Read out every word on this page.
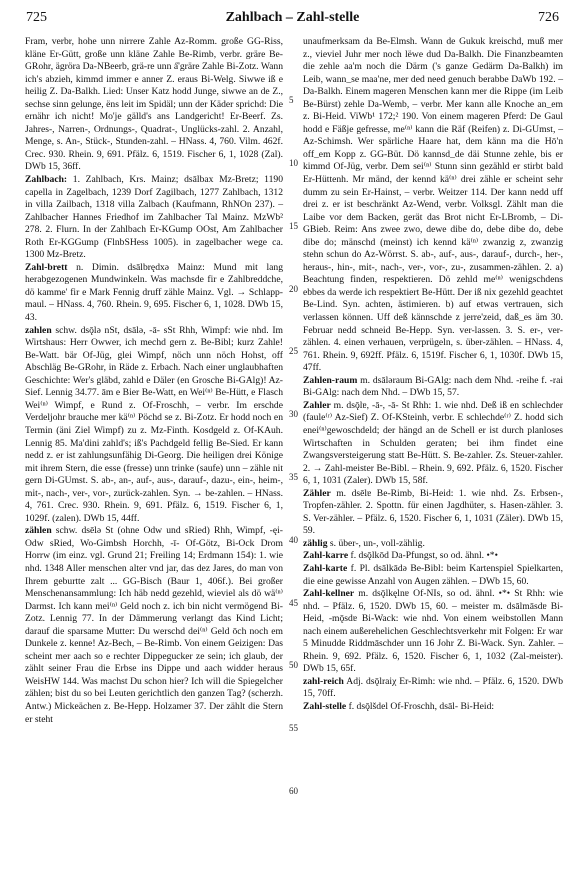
725	Zahlbach – Zahl-stelle	726

Fram, verbr, hohe unn nirrere Zahle Az-Romm. große GG-Riss, kläne Er-Gütt, große unn kläne Zahle Be-Rimb, verbr. gräre Be-GRohr, ägröra Da-NBeerb, grä-re unn a̋'gräre Zahle Bi-Zotz. Wann ich's abzieh, kimmd immer e anner Z. eraus Bi-Welg. Siwwe iß e heilig Z. Da-Balkh. Lied: Unser Katz hodd Junge, siwwe an de Z., sechse sinn gelunge, ëns leit im Spidäl; unn der Käder sprichd: Die ernähr ich nicht! Mo'je gälld's ans Landgericht! Er-Beerf. Zs. Jahres-, Narren-, Ordnungs-, Quadrat-, Unglücks-zahl. 2. Anzahl, Menge, s. An-, Stück-, Stunden-zahl. – HNass. 4, 760. Vilm. 462f. Crec. 930. Rhein. 9, 691. Pfälz. 6, 1519. Fischer 6, 1, 1028 (Zal). DWb 15, 36ff.

Zahlbach: 1. Zahlbach, Krs. Mainz; dsālbax Mz-Bretz; 1190 capella in Zagelbach, 1239 Dorf Zagilbach, 1277 Zahlbach, 1312 in villa Zailbach, 1318 villa Zalbach (Kaufmann, RhNOn 237). – Zahlbacher Hannes Friedhof im Zahlbacher Tal Mainz. MzWb² 278. 2. Flurn. In der Zahlbach Er-KGump OOst, Am Zahlbacher Roth Er-KGGump (FlnbSHess 1005). in zagelbacher wege ca. 1300 Mz-Bretz.

Zahl-brett n. Dimin. dsālbrędxə Mainz: Mund mit lang herabgezogenen Mundwinkeln. Was machsde fir e Zahlbreddche, dö kamme' fir e Mark Fennig druff zähle Mainz. Vgl. → Schlapp-maul. – HNass. 4, 760. Rhein. 9, 695. Fischer 6, 1, 1028. DWb 15, 43.

zahlen schw. dsǭlə nSt, dsālə, -ā- sSt Rhh, Wimpf: wie nhd. Im Wirtshaus: Herr Owwer, ich mechd gern z. Be-Bibl; kurz Zahle! Be-Watt. bär Of-Jüg, glei Wimpf, nöch unn nöch Hohst, off Abschläg Be-GRohr, in Räde z. Erbach. Nach einer unglaubhaften Geschichte: Wer's gläbd, zahld e Däler (en Grosche Bi-GAlg)! Az-Sief. Lennig 34.77. ām e Bier Be-Watt, en Wei⁽ⁿ⁾ Be-Hütt, e Flasch Wei⁽ⁿ⁾ Wimpf, e Rund z. Of-Froschh, – verbr. Im erschde Verdeljohr brauche mer kä⁽ⁿ⁾ Pöchd se z. Bi-Zotz. Er hodd noch en Termin (äni Ziel Wimpf) zu z. Mz-Finth. Kosdgeld z. Of-KAuh. Lennig 85. Ma'dini zahld's; iß's Pachdgeld fellig Be-Sied. Er kann nedd z. er ist zahlungsunfähig Di-Georg. Die heiligen drei Könige mit ihrem Stern, die esse (fresse) unn trinke (saufe) unn – zähle nit gern Di-GUmst. S. ab-, an-, auf-, aus-, darauf-, dazu-, ein-, heim-, mit-, nach-, ver-, vor-, zurück-zahlen. Syn. → be-zahlen. – HNass. 4, 761. Crec. 930. Rhein. 9, 691. Pfälz. 6, 1519. Fischer 6, 1, 1029f. (zalen). DWb 15, 44ff.

zählen schw. dsēlə St (ohne Odw und sRied) Rhh, Wimpf, -ęi- Odw sRied, Wo-Gimbsh Horchh, -ī- Of-Götz, Bi-Ock Drom Horrw (im einz. vgl. Grund 21; Freiling 14; Erdmann 154): 1. wie nhd. 1348 Aller menschen alter vnd jar, das dez Jares, do man von Ihrem geburtte zalt ... GG-Bisch (Baur 1, 406f.). Bei großer Menschenansammlung: Ich häb nedd gezehld, wieviel als dö wä⁽ⁿ⁾ Darmst. Ich kann mei⁽ⁿ⁾ Geld noch z. ich bin nicht vermögend Bi-Zotz. Lennig 77. In der Dämmerung verlangt das Kind Licht; darauf die sparsame Mutter: Du werschd dei⁽ⁿ⁾ Geld ōch noch em Dunkele z. kenne! Az-Bech, – Be-Rimb. Von einem Geizigen: Das scheint mer aach so e rechter Dippegucker ze sein; ich glaub, der zählt seiner Frau die Erbse ins Dippe und aach widder heraus WeisHW 144. Was machst Du schon hier? Ich will die Spiegelcher zählen; bist du so bei Leuten gerichtlich den ganzen Tag? (scherzh. Antw.) Mickeächen z. Be-Hepp. Holzamer 37. Der zählt die Stern er steht

5
10
15
20
25
30
35
40
45
50
55
60

unaufmerksam da Be-Elmsh. Wann de Gukuk kreischd, muß mer z., vieviel Juhr mer noch lëwe dud Da-Balkh. Die Finanzbeamten die zehle aa'm noch die Därm ('s ganze Gedärm Da-Balkh) im Leib, wann_se maa'ne, mer ded need genuch berabbe DaWb 192. – Da-Balkh. Einem mageren Menschen kann mer die Rippe (im Leib Be-Bürst) zehle Da-Wemb, – verbr. Mer kann alle Knoche an_em z. Bi-Heid. ViWb¹ 172;² 190. Von einem mageren Pferd: De Gaul hodd e Fäßje gefresse, me⁽ⁿ⁾ kann die Räf (Reifen) z. Di-GUmst, – Az-Schimsh. Wer spärliche Haare hat, dem känn ma die Hō'n off_em Kopp z. GG-Büt. Dö kannsd_de däi Stunne zehle, bis er kimmd Of-Jüg, verbr. Dem sei⁽ⁿ⁾ Stunn sinn gezähld er stirbt bald Er-Hüttenh. Mr mänd, der kennd kä⁽ⁿ⁾ drei zähle er scheint sehr dumm zu sein Er-Hainst, – verbr. Weitzer 114. Der kann nedd uff drei z. er ist beschränkt Az-Wend, verbr. Volksgl. Zählt man die Laibe vor dem Backen, gerät das Brot nicht Er-LBromb, – Di-GBieb. Reim: Ans zwee zwo, dewe dibe do, debe dibe do, debe dibe do; mänschd (meinst) ich kennd kä⁽ⁿ⁾ zwanzig z, zwanzig stehn schun do Az-Wörrst. S. ab-, auf-, aus-, darauf-, durch-, her-, heraus-, hin-, mit-, nach-, ver-, vor-, zu-, zusammen-zählen. 2. a) Beachtung finden, respektieren. Dö zehld me⁽ⁿ⁾ wenigschdens ebbes da werde ich respektiert Be-Hütt. Der iß nix gezehld geachtet Be-Lind. Syn. achten, ästimieren. b) auf etwas vertrauen, sich verlassen können. Uff deß kännschde z jerre'zeid, daß_es äm 30. Februar nedd schneid Be-Hepp. Syn. ver-lassen. 3. S. er-, ver-zählen. 4. einen verhauen, verprügeln, s. über-zählen. – HNass. 4, 761. Rhein. 9, 692ff. Pfälz. 6, 1519f. Fischer 6, 1, 1030f. DWb 15, 47ff.

Zahlen-raum m. dsāləraum Bi-GAlg: nach dem Nhd. -reihe f. -rai Bi-GAlg: nach dem Nhd. – DWb 15, 57.

Zahler m. dsǭlɐ, -ā-, -ā- St Rhh: 1. wie nhd. Deß iß en schlechder (faule⁽ʳ⁾ Az-Sief) Z. Of-KSteinh, verbr. E schlechde⁽ʳ⁾ Z. hodd sich enei⁽ⁿ⁾gewoschdeld; der hängd an de Schell er ist durch planloses Wirtschaften in Schulden geraten; bei ihm findet eine Zwangsversteigerung statt Be-Hütt. S. Be-zahler. Zs. Steuer-zahler. 2. → Zahl-meister Be-Bibl. – Rhein. 9, 692. Pfälz. 6, 1520. Fischer 6, 1, 1031 (Zaler). DWb 15, 58f.

Zähler m. dsēlɐ Be-Rimb, Bi-Heid: 1. wie nhd. Zs. Erbsen-, Tropfen-zähler. 2. Spottn. für einen Jagdhüter, s. Hasen-zähler. 3. S. Ver-zähler. – Pfälz. 6, 1520. Fischer 6, 1, 1031 (Zäler). DWb 15, 59.

zählig s. über-, un-, voll-zählig.

Zahl-karre f. dsǭlkōd Da-Pfungst, so od. ähnl. •*•

Zahl-karte f. Pl. dsālkādə Be-Bibl: beim Kartenspiel Spielkarten, die eine gewisse Anzahl von Augen zählen. – DWb 15, 60.

Zahl-kellner m. dsǭlkęlnɐ Of-NIs, so od. ähnl. •*• St Rhh: wie nhd. – Pfälz. 6, 1520. DWb 15, 60. – meister m. dsālmāsdɐ Bi-Heid, -mǭsdɐ Bi-Wack: wie nhd. Von einem weibstollen Mann nach einem außerehelichen Geschlechtsverkehr mit Folgen: Er war 5 Minudde Riddmāschder unn 16 Johr Z. Bi-Wack. Syn. Zahler. – Rhein. 9, 692. Pfälz. 6, 1520. Fischer 6, 1, 1032 (Zal-meister). DWb 15, 65f.

zahl-reich Adj. dsǭlraiχ Er-Rimh: wie nhd. – Pfälz. 6, 1520. DWb 15, 70ff.

Zahl-stelle f. dsǭlšdel Of-Froschh, dsāl- Bi-Heid:
